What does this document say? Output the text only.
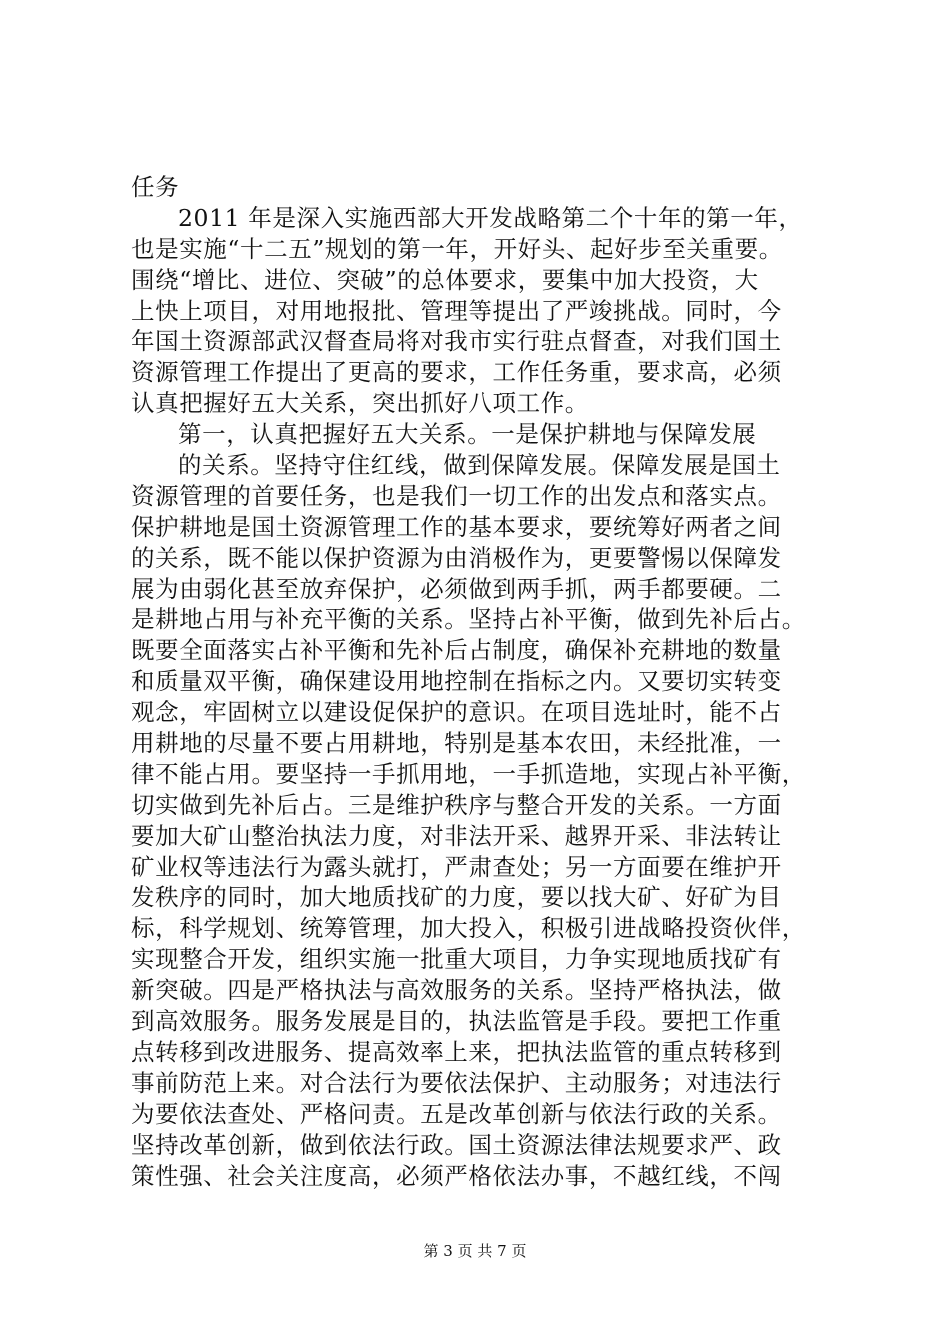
任务
2011 年是深入实施西部大开发战略第二个十年的第一年，
也是实施“十二五”规划的第一年，开好头、起好步至关重要。
围绕“增比、进位、突破”的总体要求，要集中加大投资，大
上快上项目，对用地报批、管理等提出了严竣挑战。同时，今
年国土资源部武汉督查局将对我市实行驻点督查，对我们国土
资源管理工作提出了更高的要求，工作任务重，要求高，必须
认真把握好五大关系，突出抓好八项工作。
第一，认真把握好五大关系。一是保护耕地与保障发展
的关系。坚持守住红线，做到保障发展。保障发展是国土
资源管理的首要任务，也是我们一切工作的出发点和落实点。
保护耕地是国土资源管理工作的基本要求，要统筹好两者之间
的关系，既不能以保护资源为由消极作为，更要警惕以保障发
展为由弱化甚至放弃保护，必须做到两手抓，两手都要硬。二
是耕地占用与补充平衡的关系。坚持占补平衡，做到先补后占。
既要全面落实占补平衡和先补后占制度，确保补充耕地的数量
和质量双平衡，确保建设用地控制在指标之内。又要切实转变
观念，牢固树立以建设促保护的意识。在项目选址时，能不占
用耕地的尽量不要占用耕地，特别是基本农田，未经批准，一
律不能占用。要坚持一手抓用地，一手抓造地，实现占补平衡，
切实做到先补后占。三是维护秩序与整合开发的关系。一方面
要加大矿山整治执法力度，对非法开采、越界开采、非法转让
矿业权等违法行为露头就打，严肃查处；另一方面要在维护开
发秩序的同时，加大地质找矿的力度，要以找大矿、好矿为目
标，科学规划、统筹管理，加大投入，积极引进战略投资伙伴，
实现整合开发，组织实施一批重大项目，力争实现地质找矿有
新突破。四是严格执法与高效服务的关系。坚持严格执法，做
到高效服务。服务发展是目的，执法监管是手段。要把工作重
点转移到改进服务、提高效率上来，把执法监管的重点转移到
事前防范上来。对合法行为要依法保护、主动服务；对违法行
为要依法查处、严格问责。五是改革创新与依法行政的关系。
坚持改革创新，做到依法行政。国土资源法律法规要求严、政
策性强、社会关注度高，必须严格依法办事，不越红线，不闯
第 3 页 共 7 页
